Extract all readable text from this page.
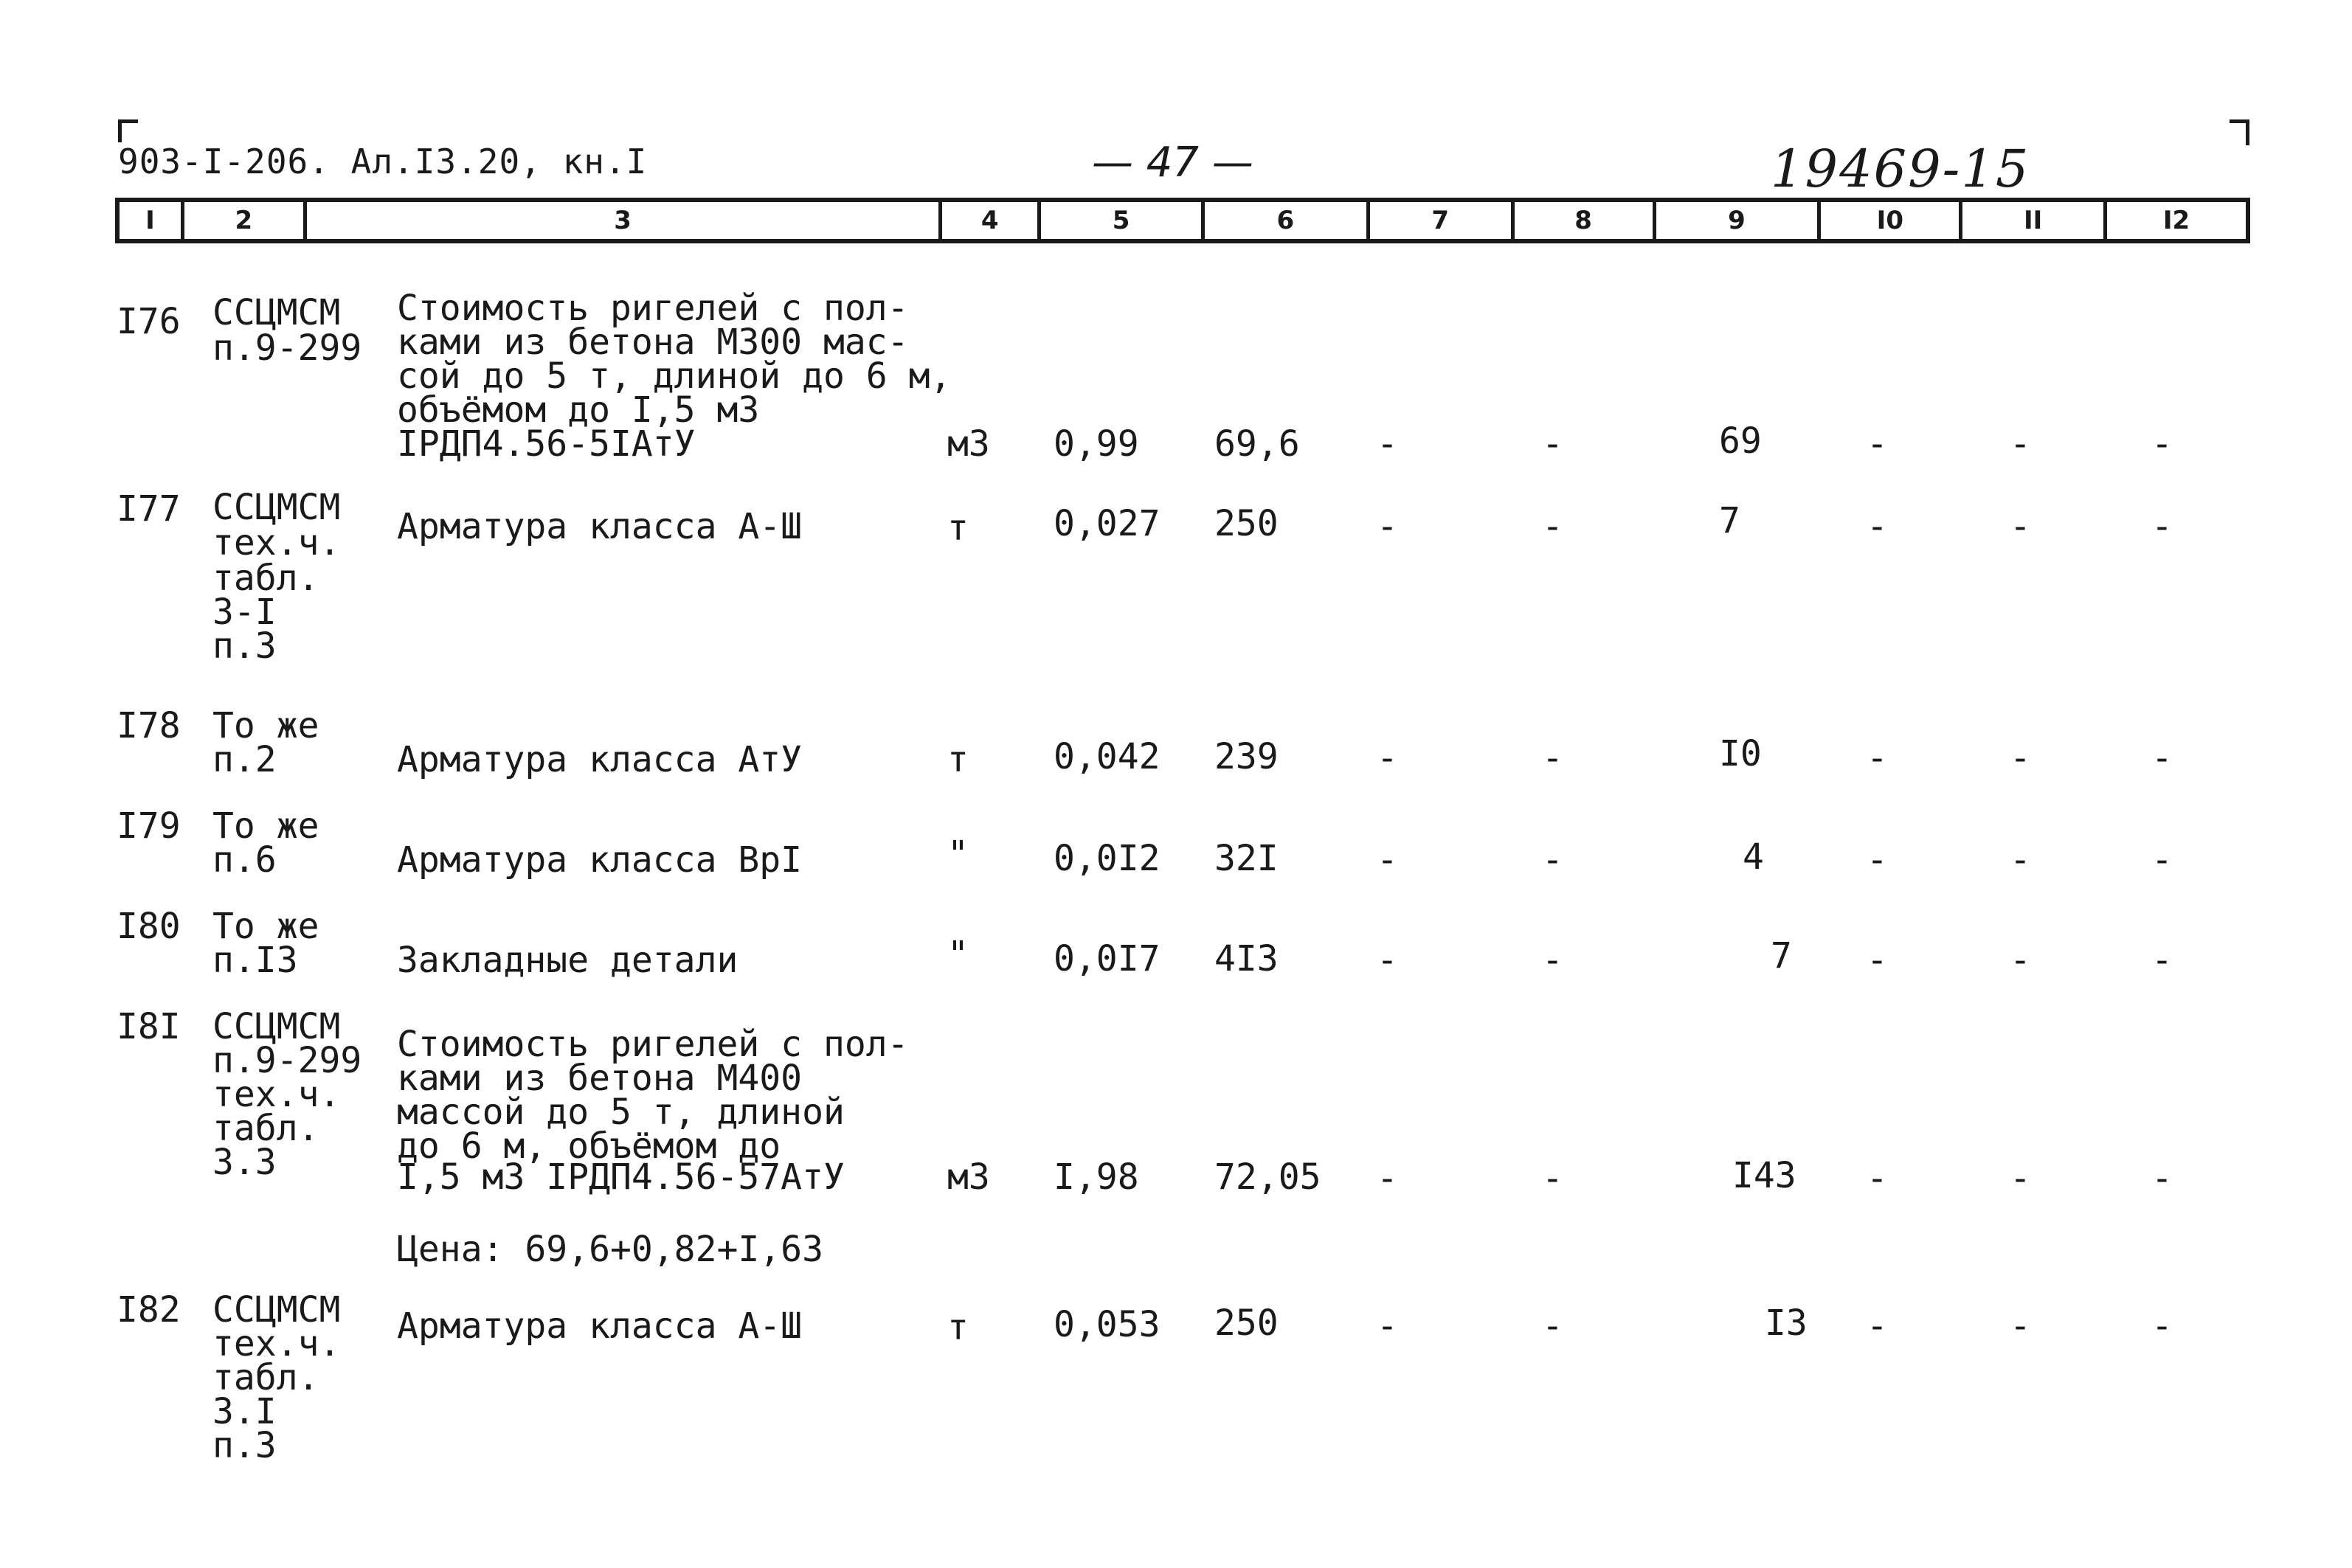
903-I-206. Ал.I3.20, кн.I	— 47 —	19469-15
I	2	3	4	5	6	7	8	9	I0	II	I2
I76 ССЦМСМ
п.9-299
Стоимость ригелей с пол-
ками из бетона М300 мас-
сой до 5 т, длиной до 6 м,
объёмом до I,5 м3
IРДП4.56-5IАтУ	м3 0,99 69,6 -	-	69	-	-	-
I77 ССЦМСМ
тех.ч.
табл.
3-I
п.3
Арматура класса А-Ш	т 0,027 250	-	-	7	-	-	-
I78 То же
п.2	Арматура класса АтУ	т 0,042 239	-	-	I0	-	-	-
I79 То же
п.6	Арматура класса ВрI	" 0,0I2 32I	-	-	4	-	-	-
I80 То же
п.I3	Закладные детали	" 0,0I7 4I3	-	-	7 -	-	-
I8I ССЦМСМ
п.9-299
тех.ч.
табл.
3.3
Стоимость ригелей с пол-
ками из бетона М400
массой до 5 т, длиной
до 6 м, объёмом до
I,5 м3 IРДП4.56-57АтУ	м3 I,98 72,05 -	-	I43 -	-	-
Цена: 69,6+0,82+I,63
I82 ССЦМСМ
тех.ч.
табл.
3.I
п.3
Арматура класса А-Ш	т 0,053 250	-	-	I3 -	-	-
